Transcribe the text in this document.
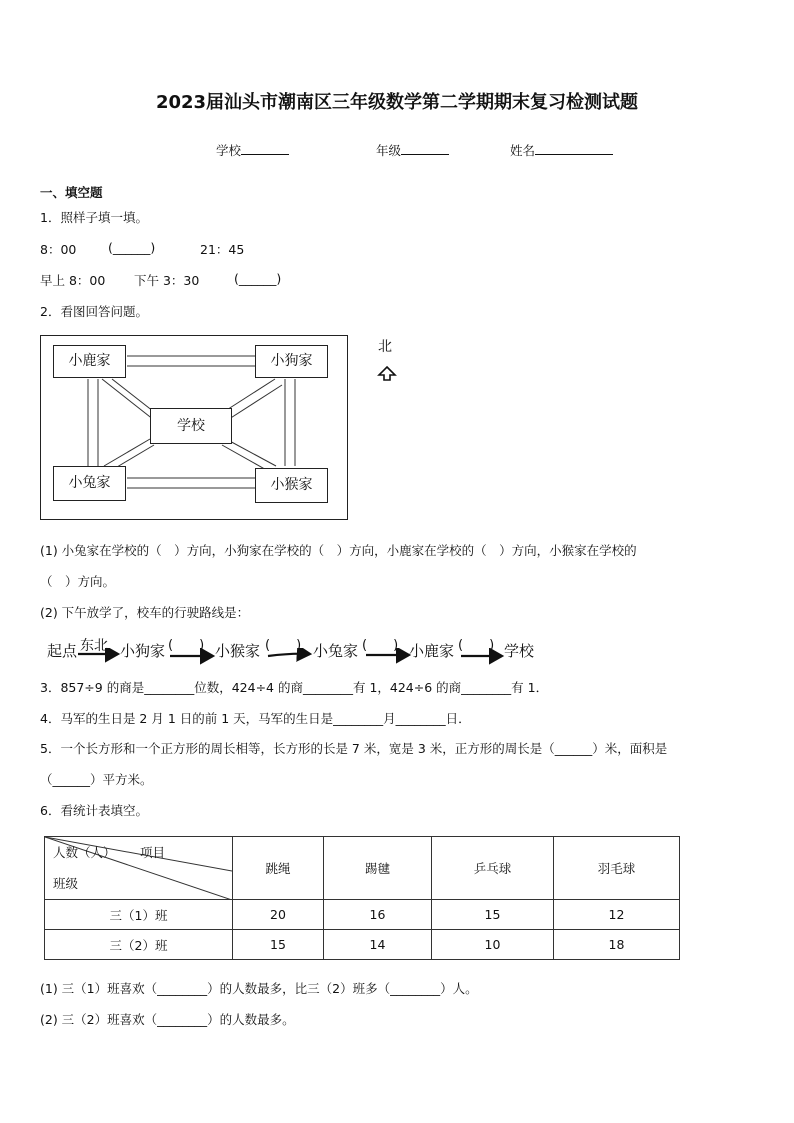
2023届汕头市潮南区三年级数学第二学期期末复习检测试题
学校	年级	姓名
一、填空题
1．照样子填一填。
8：00	(______)	21：45
早上 8：00 下午 3：30	(______)
2．看图回答问题。
小鹿家	小狗家
学校
小兔家	小猴家
北
(1) 小兔家在学校的（　）方向，小狗家在学校的（　）方向，小鹿家在学校的（　）方向，小猴家在学校的
（　）方向。
(2) 下午放学了，校车的行驶路线是：
起点 东北 小狗家 (　　) 小猴家 (　　) 小兔家 (　　) 小鹿家 (　　) 学校
3．857÷9 的商是________位数，424÷4 的商________有 1，424÷6 的商________有 1．
4．马军的生日是 2 月 1 日的前 1 天，马军的生日是________月________日．
5．一个长方形和一个正方形的周长相等，长方形的长是 7 米，宽是 3 米，正方形的周长是（______）米，面积是
（______）平方米。
6．看统计表填空。
人数（人） 项目
班级	跳绳	踢毽	乒乓球	羽毛球
三（1）班	20	16	15	12
三（2）班	15	14	10	18
(1) 三（1）班喜欢（________）的人数最多，比三（2）班多（________）人。
(2) 三（2）班喜欢（________）的人数最多。
